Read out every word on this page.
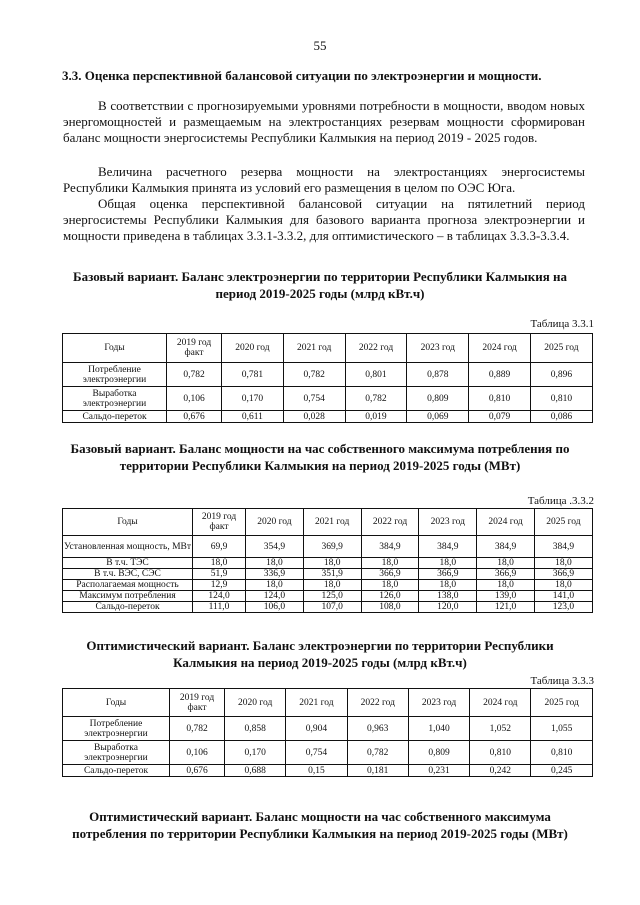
55
3.3. Оценка перспективной балансовой ситуации по электроэнергии и мощности.

В соответствии с прогнозируемыми уровнями потребности в мощности, вводом новых энергомощностей и размещаемым на электростанциях резервам мощности сформирован баланс мощности энергосистемы Республики Калмыкия на период 2019 - 2025 годов.

Величина расчетного резерва мощности на электростанциях энергосистемы Республики Калмыкия принята из условий его размещения в целом по ОЭС Юга.

Общая оценка перспективной балансовой ситуации на пятилетний период энергосистемы Республики Калмыкия для базового варианта прогноза электроэнергии и мощности приведена в таблицах 3.3.1-3.3.2, для оптимистического – в таблицах 3.3.3-3.3.4.

Базовый вариант. Баланс электроэнергии по территории Республики Калмыкия на период 2019-2025 годы (млрд кВт.ч)
Таблица 3.3.1
Годы	2019 год факт	2020 год	2021 год	2022 год	2023 год	2024 год	2025 год
Потребление электроэнергии	0,782	0,781	0,782	0,801	0,878	0,889	0,896
Выработка электроэнергии	0,106	0,170	0,754	0,782	0,809	0,810	0,810
Сальдо-переток	0,676	0,611	0,028	0,019	0,069	0,079	0,086
Базовый вариант. Баланс мощности на час собственного максимума потребления по территории Республики Калмыкия на период 2019-2025 годы (МВт)
Таблица .3.3.2
Годы	2019 год факт	2020 год	2021 год	2022 год	2023 год	2024 год	2025 год
Установленная мощность, МВт	69,9	354,9	369,9	384,9	384,9	384,9	384,9
В т.ч. ТЭС	18,0	18,0	18,0	18,0	18,0	18,0	18,0
В т.ч. ВЭС, СЭС	51,9	336,9	351,9	366,9	366,9	366,9	366,9
Располагаемая мощность	12,9	18,0	18,0	18,0	18,0	18,0	18,0
Максимум потребления	124,0	124,0	125,0	126,0	138,0	139,0	141,0
Сальдо-переток	111,0	106,0	107,0	108,0	120,0	121,0	123,0
Оптимистический вариант. Баланс электроэнергии по территории Республики Калмыкия на период 2019-2025 годы (млрд кВт.ч)
Таблица 3.3.3
Годы	2019 год факт	2020 год	2021 год	2022 год	2023 год	2024 год	2025 год
Потребление электроэнергии	0,782	0,858	0,904	0,963	1,040	1,052	1,055
Выработка электроэнергии	0,106	0,170	0,754	0,782	0,809	0,810	0,810
Сальдо-переток	0,676	0,688	0,15	0,181	0,231	0,242	0,245
Оптимистический вариант. Баланс мощности на час собственного максимума потребления по территории Республики Калмыкия на период 2019-2025 годы (МВт)
